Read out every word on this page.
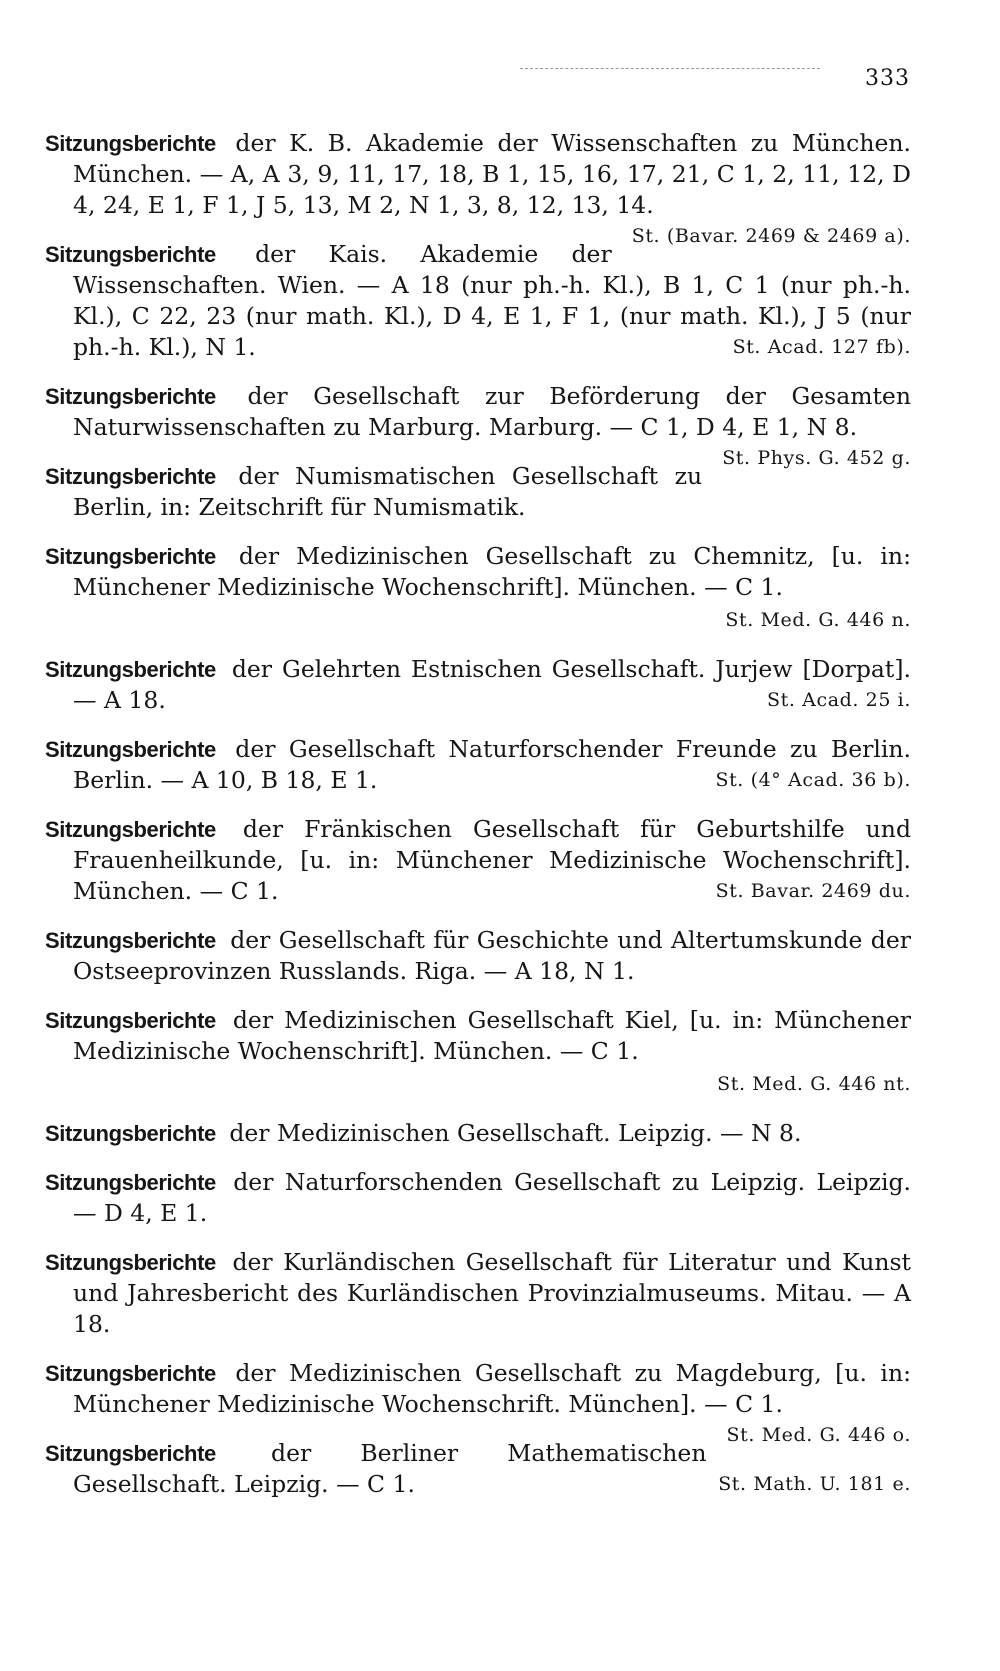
333

Sitzungsberichte der K. B. Akademie der Wissenschaften zu München. München. — A, A 3, 9, 11, 17, 18, B 1, 15, 16, 17, 21, C 1, 2, 11, 12, D 4, 24, E 1, F 1, J 5, 13, M 2, N 1, 3, 8, 12, 13, 14.
St. (Bavar. 2469 & 2469 a).

Sitzungsberichte der Kais. Akademie der Wissenschaften. Wien. — A 18 (nur ph.-h. Kl.), B 1, C 1 (nur ph.-h. Kl.), C 22, 23 (nur math. Kl.), D 4, E 1, F 1, (nur math. Kl.), J 5 (nur ph.-h. Kl.), N 1.	St. Acad. 127 fb).

Sitzungsberichte der Gesellschaft zur Beförderung der Gesamten Naturwissenschaften zu Marburg. Marburg. — C 1, D 4, E 1, N 8.
St. Phys. G. 452 g.

Sitzungsberichte der Numismatischen Gesellschaft zu Berlin, in: Zeitschrift für Numismatik.

Sitzungsberichte der Medizinischen Gesellschaft zu Chemnitz, [u. in: Münchener Medizinische Wochenschrift]. München. — C 1.
St. Med. G. 446 n.

Sitzungsberichte der Gelehrten Estnischen Gesellschaft. Jurjew [Dorpat]. — A 18.	St. Acad. 25 i.

Sitzungsberichte der Gesellschaft Naturforschender Freunde zu Berlin. Berlin. — A 10, B 18, E 1.	St. (4° Acad. 36 b).

Sitzungsberichte der Fränkischen Gesellschaft für Geburtshilfe und Frauenheilkunde, [u. in: Münchener Medizinische Wochenschrift]. München. — C 1.	St. Bavar. 2469 du.

Sitzungsberichte der Gesellschaft für Geschichte und Altertumskunde der Ostseeprovinzen Russlands. Riga. — A 18, N 1.

Sitzungsberichte der Medizinischen Gesellschaft Kiel, [u. in: Münchener Medizinische Wochenschrift]. München. — C 1.
St. Med. G. 446 nt.

Sitzungsberichte der Medizinischen Gesellschaft. Leipzig. — N 8.

Sitzungsberichte der Naturforschenden Gesellschaft zu Leipzig. Leipzig. — D 4, E 1.

Sitzungsberichte der Kurländischen Gesellschaft für Literatur und Kunst und Jahresbericht des Kurländischen Provinzialmuseums. Mitau. — A 18.

Sitzungsberichte der Medizinischen Gesellschaft zu Magdeburg, [u. in: Münchener Medizinische Wochenschrift. München]. — C 1.
St. Med. G. 446 o.

Sitzungsberichte der Berliner Mathematischen Gesellschaft. Leipzig. — C 1.	St. Math. U. 181 e.
